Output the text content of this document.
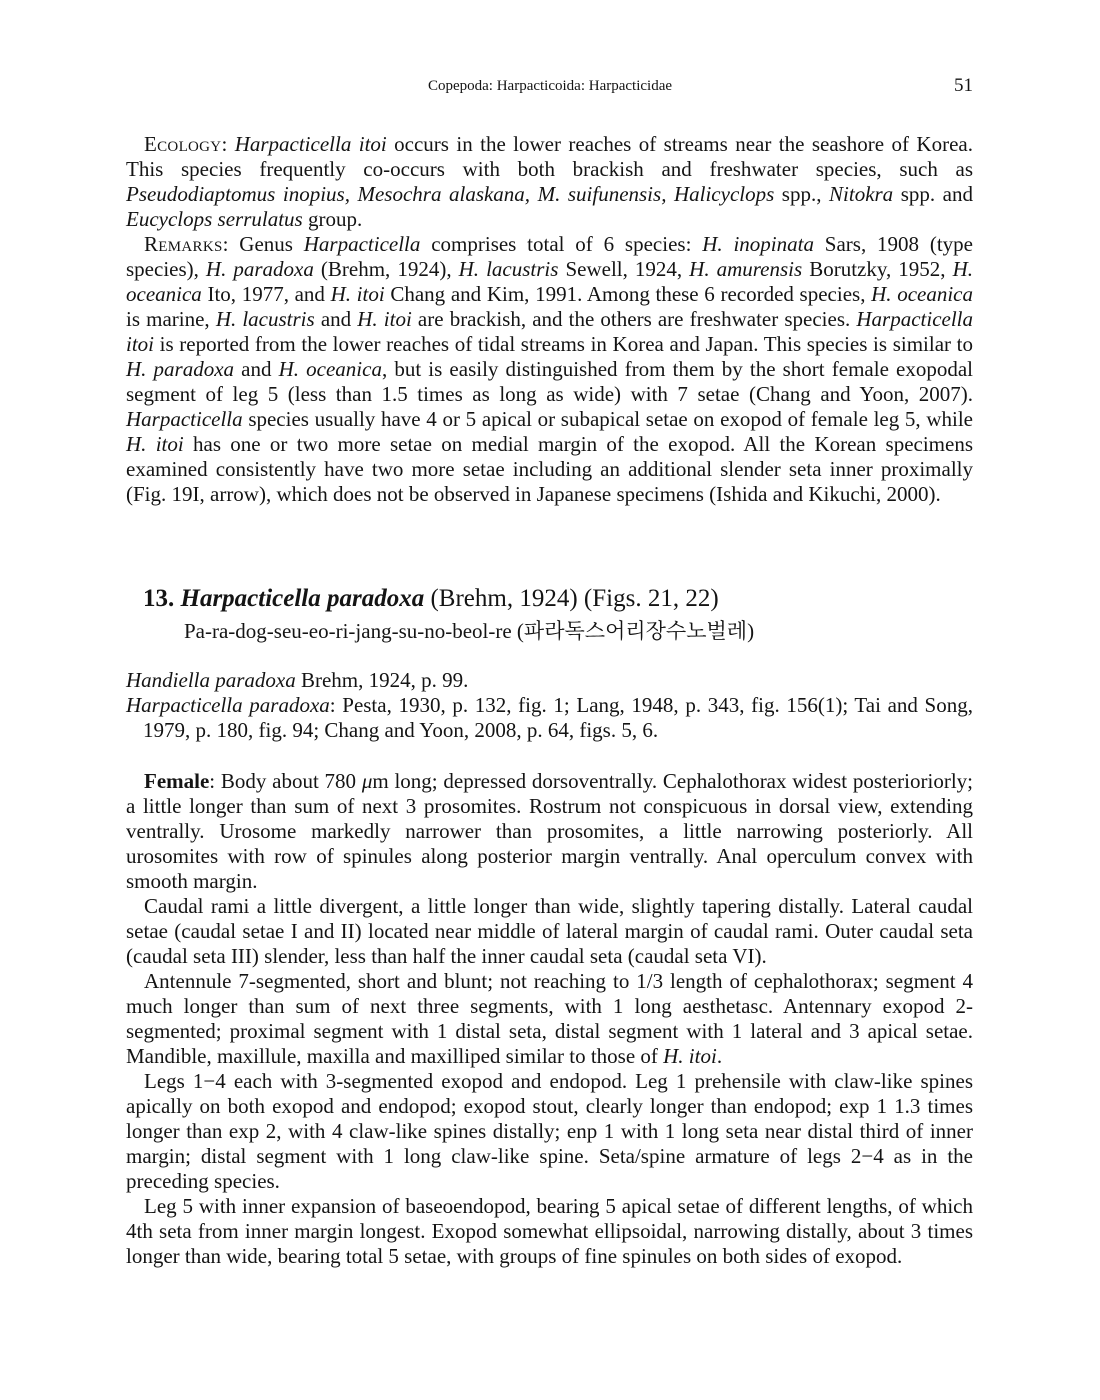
Copepoda: Harpacticoida: Harpacticidae	51

Ecology: Harpacticella itoi occurs in the lower reaches of streams near the seashore of Korea. This species frequently co-occurs with both brackish and freshwater species, such as Pseudodiaptomus inopius, Mesochra alaskana, M. suifunensis, Halicyclops spp., Nitokra spp. and Eucyclops serrulatus group.

Remarks: Genus Harpacticella comprises total of 6 species: H. inopinata Sars, 1908 (type species), H. paradoxa (Brehm, 1924), H. lacustris Sewell, 1924, H. amurensis Borutzky, 1952, H. oceanica Ito, 1977, and H. itoi Chang and Kim, 1991. Among these 6 recorded species, H. oceanica is marine, H. lacustris and H. itoi are brackish, and the others are freshwater species. Harpacticella itoi is reported from the lower reaches of tidal streams in Korea and Japan. This species is similar to H. paradoxa and H. oceanica, but is easily distinguished from them by the short female exopodal segment of leg 5 (less than 1.5 times as long as wide) with 7 setae (Chang and Yoon, 2007). Harpacticella species usually have 4 or 5 apical or subapical setae on exopod of female leg 5, while H. itoi has one or two more setae on medial margin of the exopod. All the Korean specimens examined consistently have two more setae including an additional slender seta inner proximally (Fig. 19I, arrow), which does not be observed in Japanese specimens (Ishida and Kikuchi, 2000).

13. Harpacticella paradoxa (Brehm, 1924) (Figs. 21, 22)
Pa-ra-dog-seu-eo-ri-jang-su-no-beol-re (파라독스어리장수노벌레)

Handiella paradoxa Brehm, 1924, p. 99.

Harpacticella paradoxa: Pesta, 1930, p. 132, fig. 1; Lang, 1948, p. 343, fig. 156(1); Tai and Song, 1979, p. 180, fig. 94; Chang and Yoon, 2008, p. 64, figs. 5, 6.

Female: Body about 780 μm long; depressed dorsoventrally. Cephalothorax widest posterioriorly; a little longer than sum of next 3 prosomites. Rostrum not conspicuous in dorsal view, extending ventrally. Urosome markedly narrower than prosomites, a little narrowing posteriorly. All urosomites with row of spinules along posterior margin ventrally. Anal operculum convex with smooth margin.

Caudal rami a little divergent, a little longer than wide, slightly tapering distally. Lateral caudal setae (caudal setae I and II) located near middle of lateral margin of caudal rami. Outer caudal seta (caudal seta III) slender, less than half the inner caudal seta (caudal seta VI).

Antennule 7-segmented, short and blunt; not reaching to 1/3 length of cephalothorax; segment 4 much longer than sum of next three segments, with 1 long aesthetasc. Antennary exopod 2-segmented; proximal segment with 1 distal seta, distal segment with 1 lateral and 3 apical setae. Mandible, maxillule, maxilla and maxilliped similar to those of H. itoi.

Legs 1−4 each with 3-segmented exopod and endopod. Leg 1 prehensile with claw-like spines apically on both exopod and endopod; exopod stout, clearly longer than endopod; exp 1 1.3 times longer than exp 2, with 4 claw-like spines distally; enp 1 with 1 long seta near distal third of inner margin; distal segment with 1 long claw-like spine. Seta/spine armature of legs 2−4 as in the preceding species.

Leg 5 with inner expansion of baseoendopod, bearing 5 apical setae of different lengths, of which 4th seta from inner margin longest. Exopod somewhat ellipsoidal, narrowing distally, about 3 times longer than wide, bearing total 5 setae, with groups of fine spinules on both sides of exopod.
